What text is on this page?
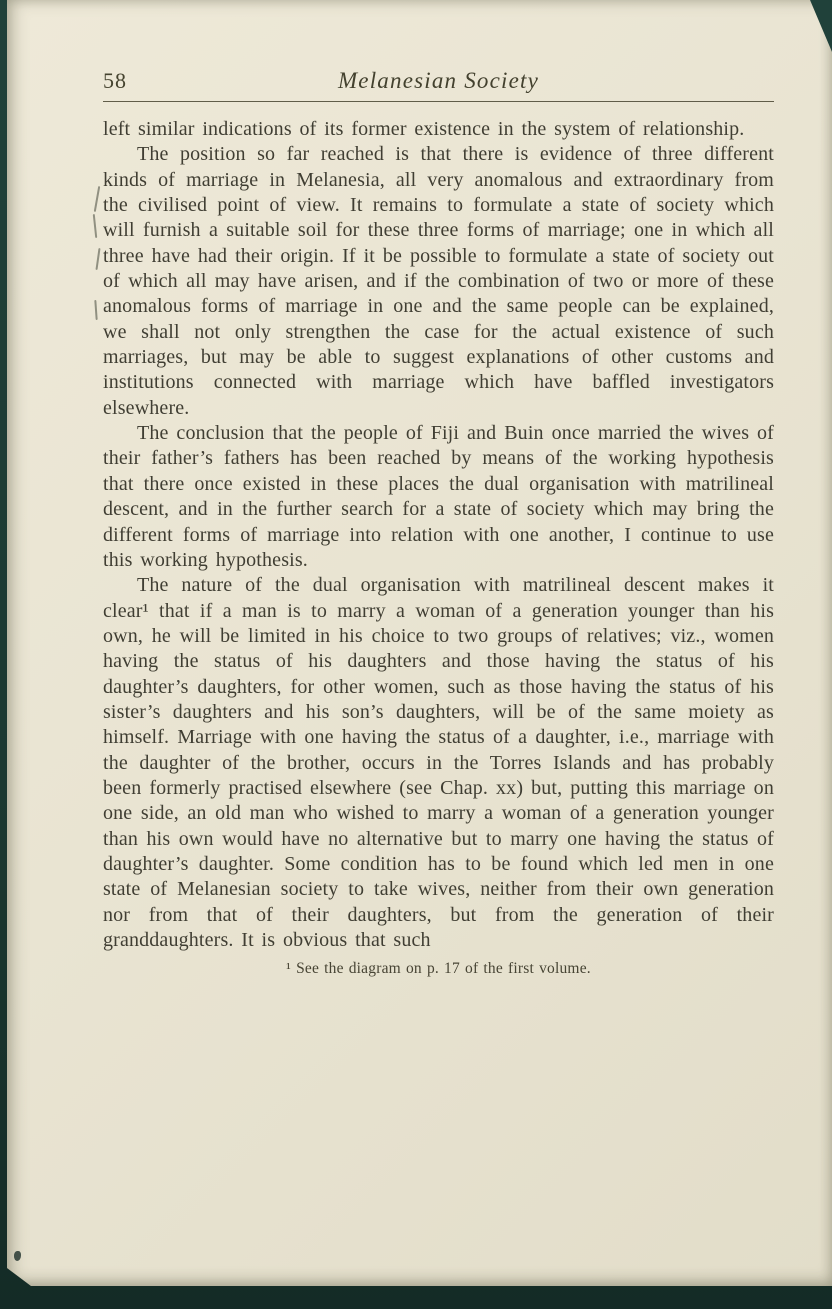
58	Melanesian Society

left similar indications of its former existence in the system of relationship.

The position so far reached is that there is evidence of three different kinds of marriage in Melanesia, all very anomalous and extraordinary from the civilised point of view. It remains to formulate a state of society which will furnish a suitable soil for these three forms of marriage; one in which all three have had their origin. If it be possible to formulate a state of society out of which all may have arisen, and if the combination of two or more of these anomalous forms of marriage in one and the same people can be explained, we shall not only strengthen the case for the actual existence of such marriages, but may be able to suggest explanations of other customs and institutions connected with marriage which have baffled investigators elsewhere.

The conclusion that the people of Fiji and Buin once married the wives of their father’s fathers has been reached by means of the working hypothesis that there once existed in these places the dual organisation with matrilineal descent, and in the further search for a state of society which may bring the different forms of marriage into relation with one another, I continue to use this working hypothesis.

The nature of the dual organisation with matrilineal descent makes it clear¹ that if a man is to marry a woman of a generation younger than his own, he will be limited in his choice to two groups of relatives; viz., women having the status of his daughters and those having the status of his daughter’s daughters, for other women, such as those having the status of his sister’s daughters and his son’s daughters, will be of the same moiety as himself. Marriage with one having the status of a daughter, i.e., marriage with the daughter of the brother, occurs in the Torres Islands and has probably been formerly practised elsewhere (see Chap. xx) but, putting this marriage on one side, an old man who wished to marry a woman of a generation younger than his own would have no alternative but to marry one having the status of daughter’s daughter. Some condition has to be found which led men in one state of Melanesian society to take wives, neither from their own generation nor from that of their daughters, but from the generation of their granddaughters. It is obvious that such

¹ See the diagram on p. 17 of the first volume.
